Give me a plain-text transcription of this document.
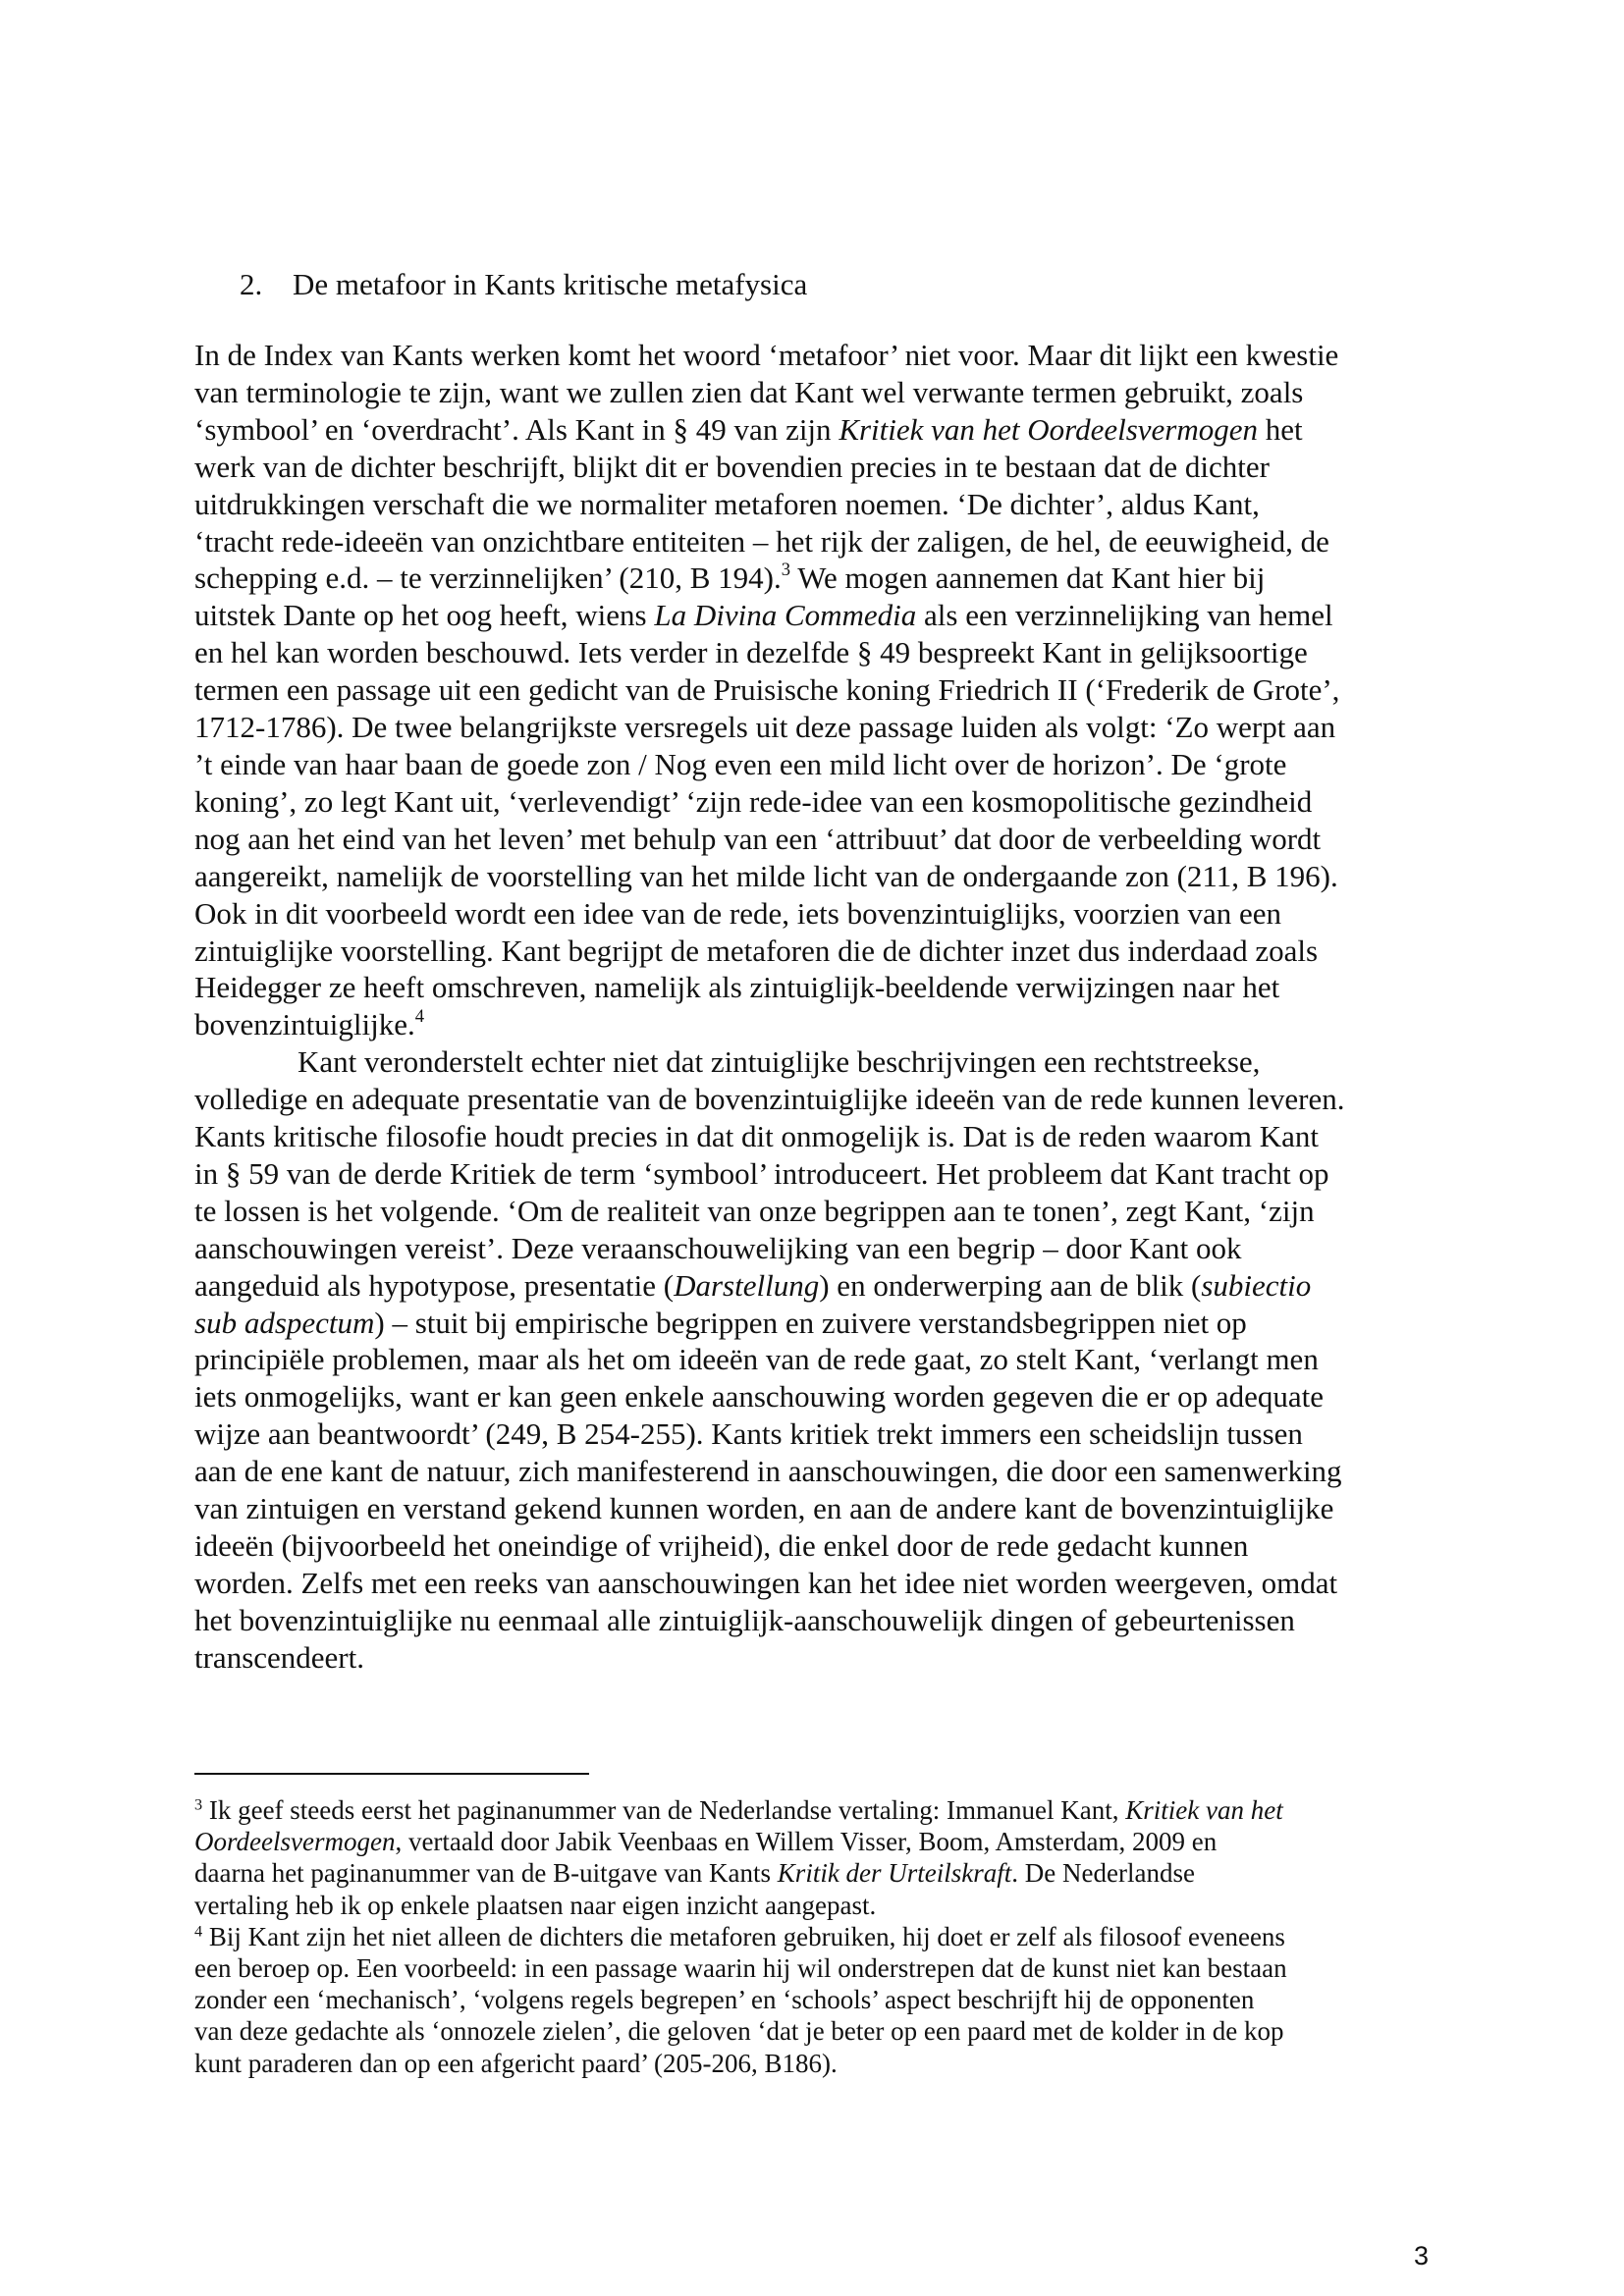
2. De metafoor in Kants kritische metafysica
In de Index van Kants werken komt het woord ‘metafoor’ niet voor. Maar dit lijkt een kwestie
van terminologie te zijn, want we zullen zien dat Kant wel verwante termen gebruikt, zoals
‘symbool’ en ‘overdracht’. Als Kant in § 49 van zijn Kritiek van het Oordeelsvermogen het
werk van de dichter beschrijft, blijkt dit er bovendien precies in te bestaan dat de dichter
uitdrukkingen verschaft die we normaliter metaforen noemen. ‘De dichter’, aldus Kant,
‘tracht rede-ideeën van onzichtbare entiteiten – het rijk der zaligen, de hel, de eeuwigheid, de
schepping e.d. – te verzinnelijken’ (210, B 194).$^3$ We mogen aannemen dat Kant hier bij
uitstek Dante op het oog heeft, wiens La Divina Commedia als een verzinnelijking van hemel
en hel kan worden beschouwd. Iets verder in dezelfde § 49 bespreekt Kant in gelijksoortige
termen een passage uit een gedicht van de Pruisische koning Friedrich II (‘Frederik de Grote’,
1712-1786). De twee belangrijkste versregels uit deze passage luiden als volgt: ‘Zo werpt aan
’t einde van haar baan de goede zon / Nog even een mild licht over de horizon’. De ‘grote
koning’, zo legt Kant uit, ‘verlevendigt’ ‘zijn rede-idee van een kosmopolitische gezindheid
nog aan het eind van het leven’ met behulp van een ‘attribuut’ dat door de verbeelding wordt
aangereikt, namelijk de voorstelling van het milde licht van de ondergaande zon (211, B 196).
Ook in dit voorbeeld wordt een idee van de rede, iets bovenzintuiglijks, voorzien van een
zintuiglijke voorstelling. Kant begrijpt de metaforen die de dichter inzet dus inderdaad zoals
Heidegger ze heeft omschreven, namelijk als zintuiglijk-beeldende verwijzingen naar het
bovenzintuiglijke.$^4$
Kant veronderstelt echter niet dat zintuiglijke beschrijvingen een rechtstreekse,
volledige en adequate presentatie van de bovenzintuiglijke ideeën van de rede kunnen leveren.
Kants kritische filosofie houdt precies in dat dit onmogelijk is. Dat is de reden waarom Kant
in § 59 van de derde Kritiek de term ‘symbool’ introduceert. Het probleem dat Kant tracht op
te lossen is het volgende. ‘Om de realiteit van onze begrippen aan te tonen’, zegt Kant, ‘zijn
aanschouwingen vereist’. Deze veraanschouwelijking van een begrip – door Kant ook
aangeduid als hypotypose, presentatie (Darstellung) en onderwerping aan de blik (subiectio
sub adspectum) – stuit bij empirische begrippen en zuivere verstandsbegrippen niet op
principiële problemen, maar als het om ideeën van de rede gaat, zo stelt Kant, ‘verlangt men
iets onmogelijks, want er kan geen enkele aanschouwing worden gegeven die er op adequate
wijze aan beantwoordt’ (249, B 254-255). Kants kritiek trekt immers een scheidslijn tussen
aan de ene kant de natuur, zich manifesterend in aanschouwingen, die door een samenwerking
van zintuigen en verstand gekend kunnen worden, en aan de andere kant de bovenzintuiglijke
ideeën (bijvoorbeeld het oneindige of vrijheid), die enkel door de rede gedacht kunnen
worden. Zelfs met een reeks van aanschouwingen kan het idee niet worden weergeven, omdat
het bovenzintuiglijke nu eenmaal alle zintuiglijk-aanschouwelijk dingen of gebeurtenissen
transcendeert.
$^3$ Ik geef steeds eerst het paginanummer van de Nederlandse vertaling: Immanuel Kant, Kritiek van het
Oordeelsvermogen, vertaald door Jabik Veenbaas en Willem Visser, Boom, Amsterdam, 2009 en
daarna het paginanummer van de B-uitgave van Kants Kritik der Urteilskraft. De Nederlandse
vertaling heb ik op enkele plaatsen naar eigen inzicht aangepast.
$^4$ Bij Kant zijn het niet alleen de dichters die metaforen gebruiken, hij doet er zelf als filosoof eveneens
een beroep op. Een voorbeeld: in een passage waarin hij wil onderstrepen dat de kunst niet kan bestaan
zonder een ‘mechanisch’, ‘volgens regels begrepen’ en ‘schools’ aspect beschrijft hij de opponenten
van deze gedachte als ‘onnozele zielen’, die geloven ‘dat je beter op een paard met de kolder in de kop
kunt paraderen dan op een afgericht paard’ (205-206, B186).
3
